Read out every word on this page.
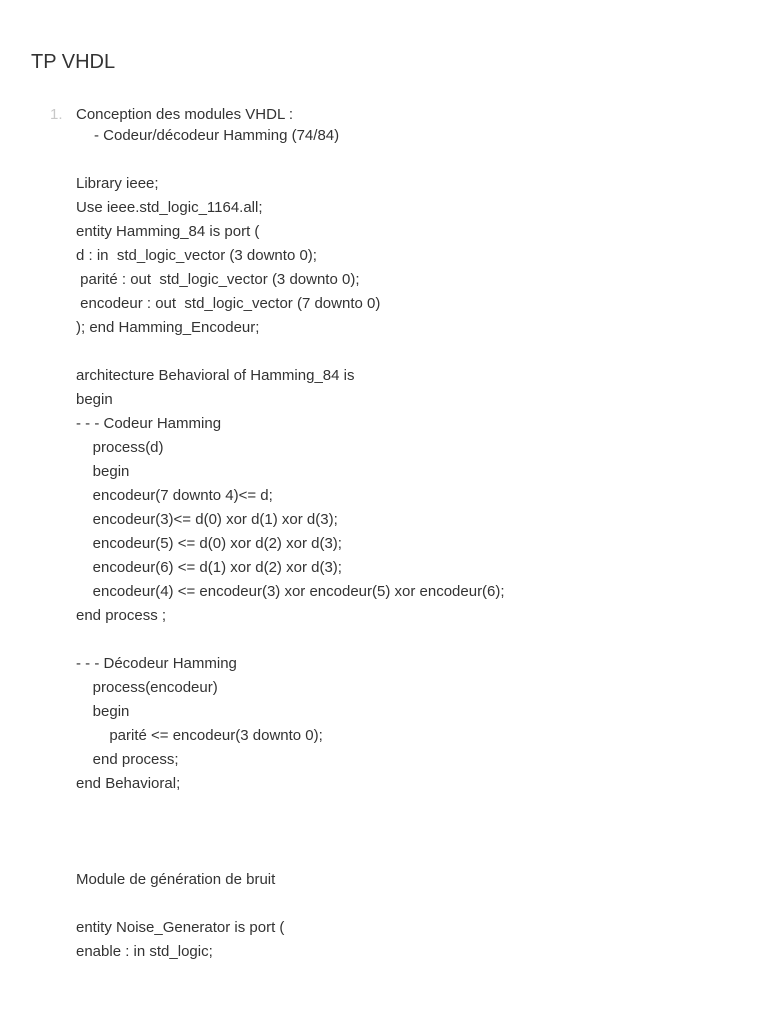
TP VHDL
1. Conception des modules VHDL :
- Codeur/décodeur Hamming (74/84)
Library ieee;
Use ieee.std_logic_1164.all;
entity Hamming_84 is port (
d : in  std_logic_vector (3 downto 0);
parité : out  std_logic_vector (3 downto 0);
encodeur : out  std_logic_vector (7 downto 0)
); end Hamming_Encodeur;
architecture Behavioral of Hamming_84 is
begin
- - - Codeur Hamming
process(d)
begin
encodeur(7 downto 4)<= d;
encodeur(3)<= d(0) xor d(1) xor d(3);
encodeur(5) <= d(0) xor d(2) xor d(3);
encodeur(6) <= d(1) xor d(2) xor d(3);
encodeur(4) <= encodeur(3) xor encodeur(5) xor encodeur(6);
end process ;
- - - Décodeur Hamming
process(encodeur)
begin
parité <= encodeur(3 downto 0);
end process;
end Behavioral;
Module de génération de bruit
entity Noise_Generator is port (
enable : in std_logic;
